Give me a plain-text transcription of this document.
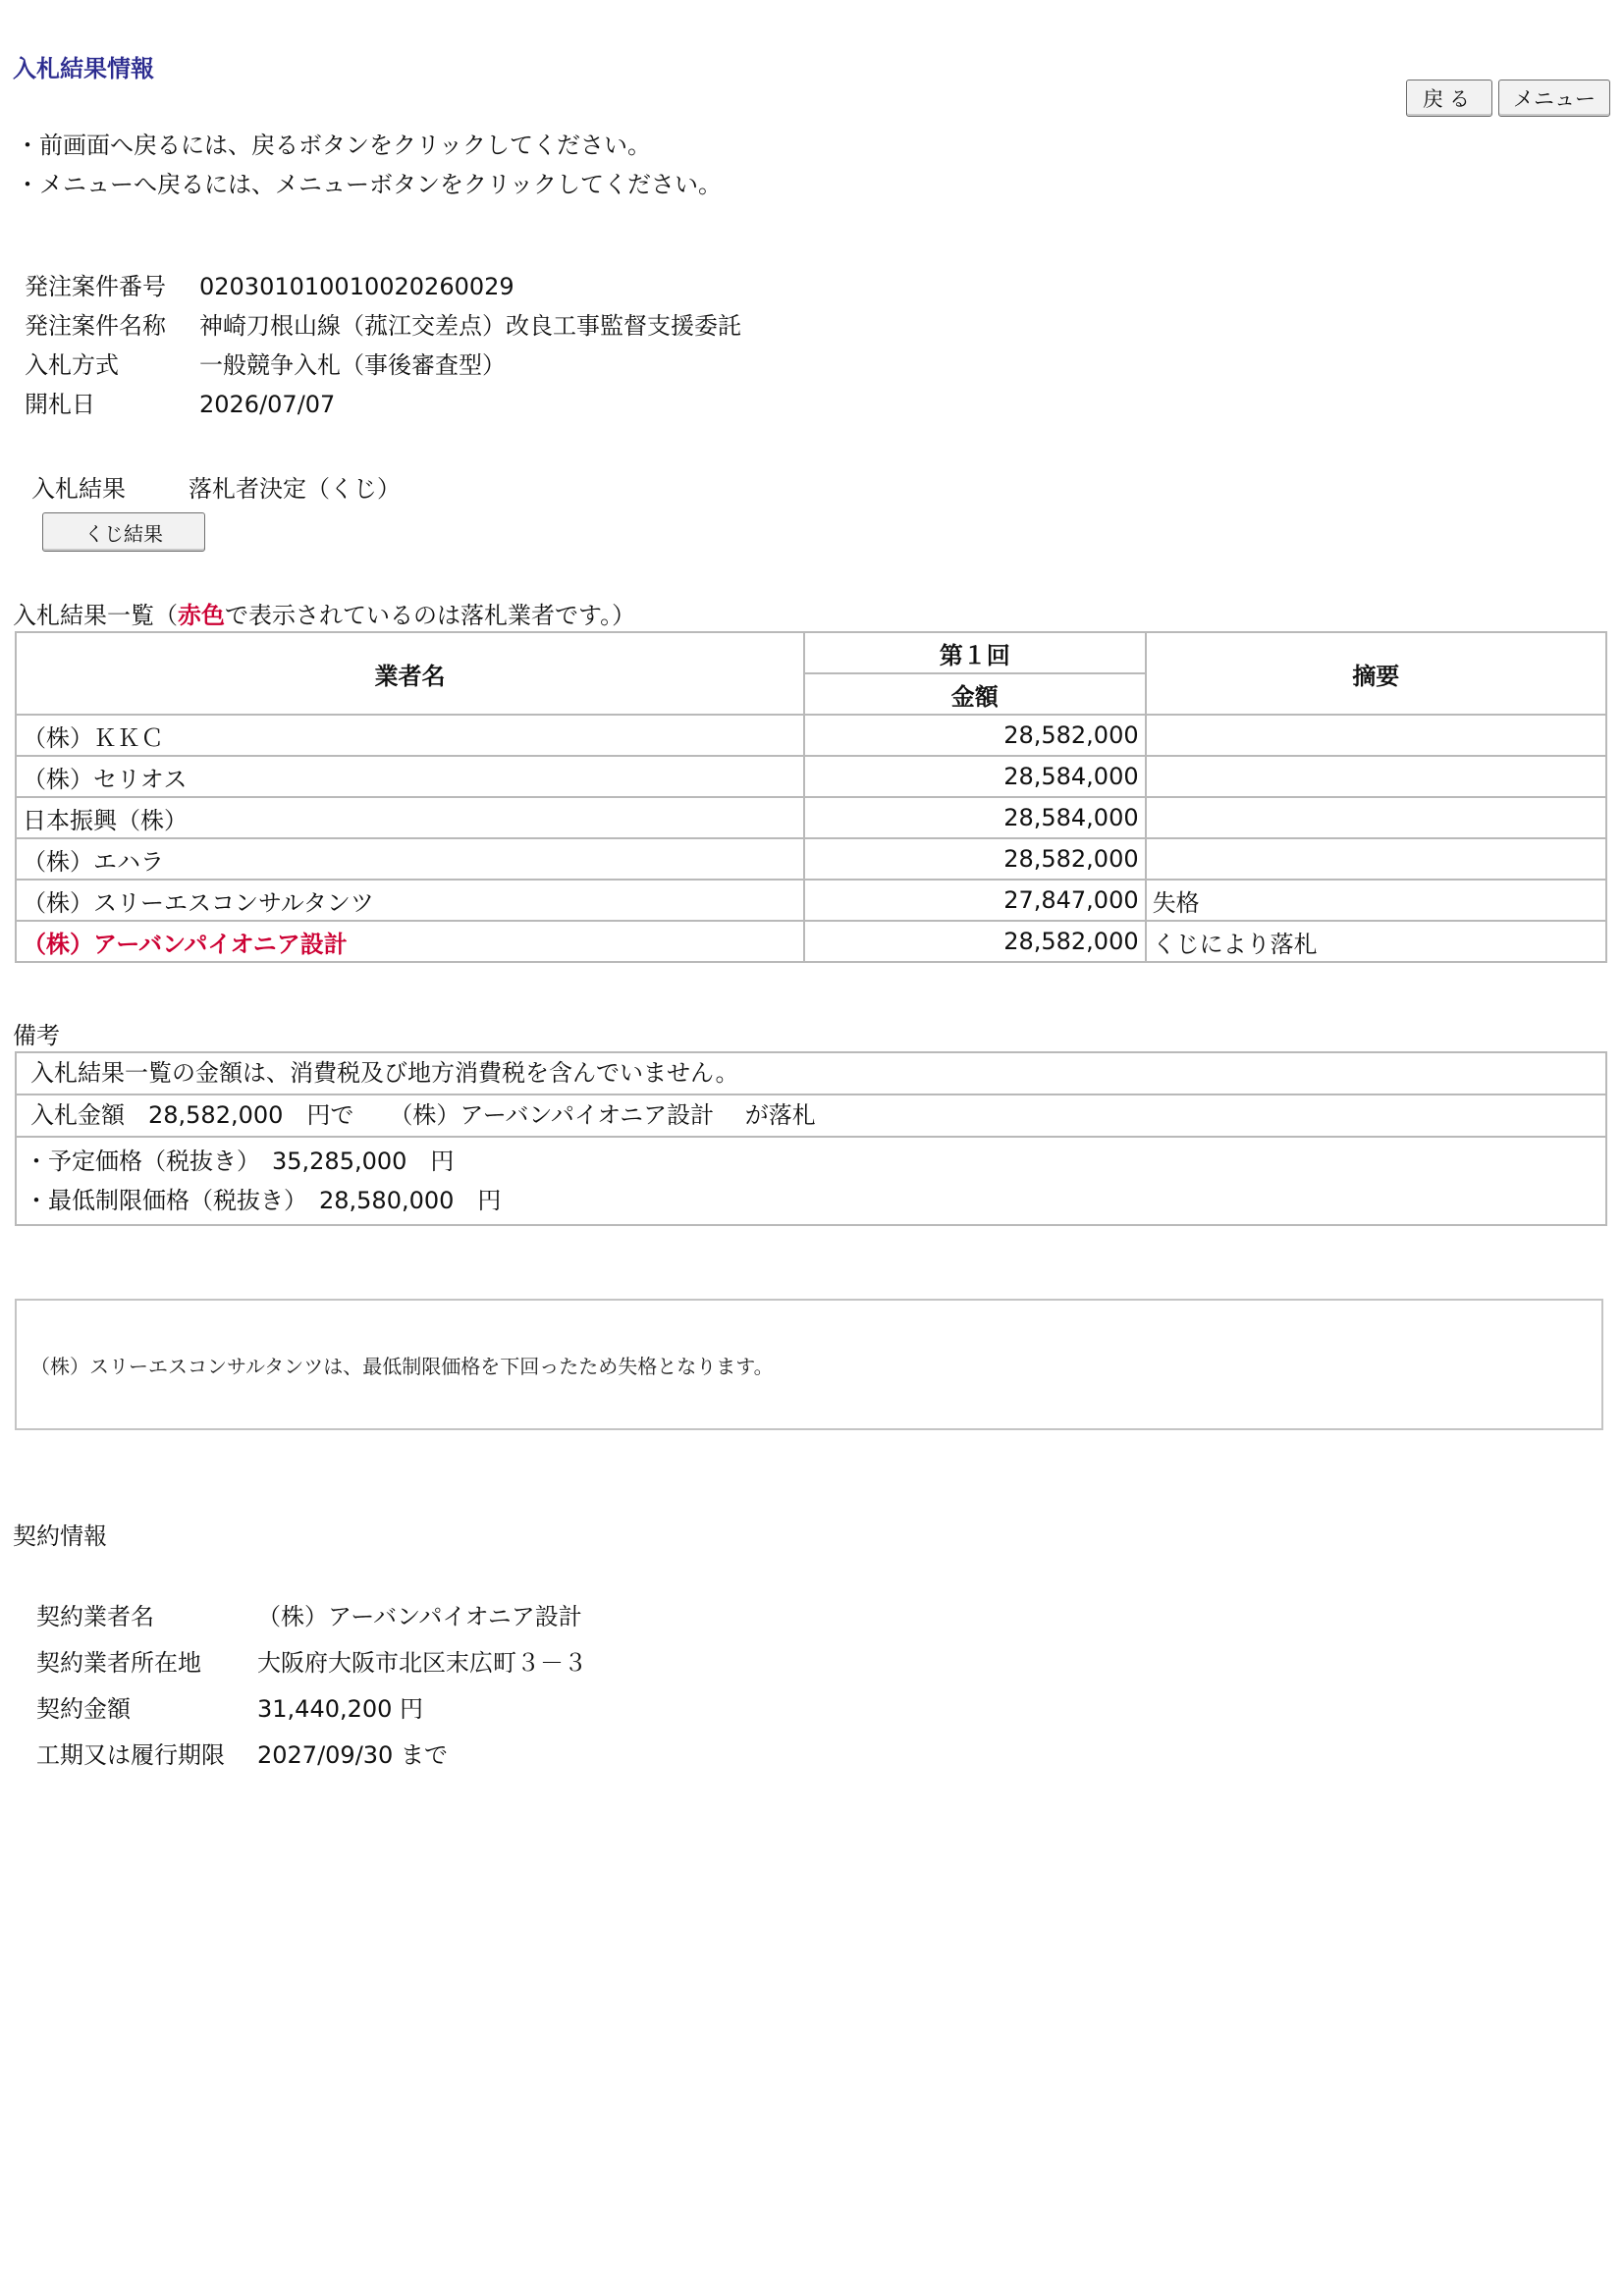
入札結果情報
戻る	メニュー
・前画面へ戻るには、戻るボタンをクリックしてください。
・メニューへ戻るには、メニューボタンをクリックしてください。
発注案件番号	020301010010020260029
発注案件名称	神崎刀根山線（菰江交差点）改良工事監督支援委託
入札方式	一般競争入札（事後審査型）
開札日	2026/07/07
入札結果	落札者決定（くじ）
くじ結果
入札結果一覧（赤色で表示されているのは落札業者です。）
業者名	第１回	摘要
	金額	
（株）ＫＫＣ	28,582,000	
（株）セリオス	28,584,000	
日本振興（株）	28,584,000	
（株）エハラ	28,582,000	
（株）スリーエスコンサルタンツ	27,847,000	失格
（株）アーバンパイオニア設計	28,582,000	くじにより落札
備考
入札結果一覧の金額は、消費税及び地方消費税を含んでいません。
入札金額　28,582,000　円で　　（株）アーバンパイオニア設計　 が落札
・予定価格（税抜き）　35,285,000　円
・最低制限価格（税抜き）　28,580,000　円
（株）スリーエスコンサルタンツは、最低制限価格を下回ったため失格となります。
契約情報
契約業者名	（株）アーバンパイオニア設計
契約業者所在地	大阪府大阪市北区末広町３－３
契約金額	31,440,200 円
工期又は履行期限	2027/09/30 まで
